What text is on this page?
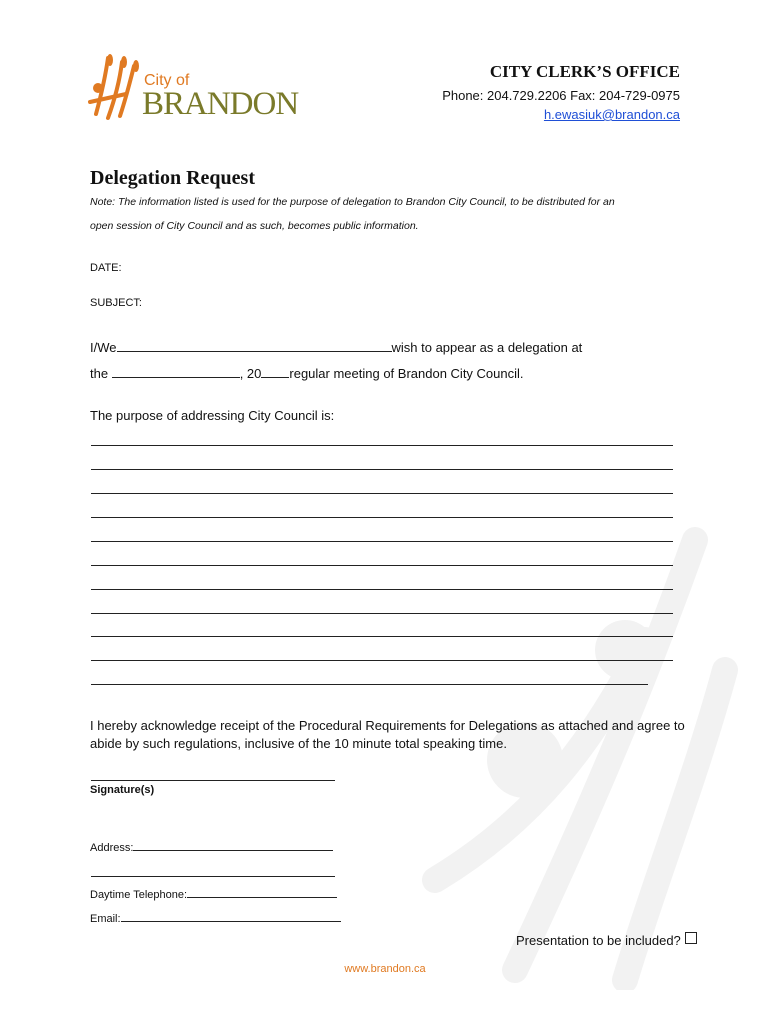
City of
BRANDON
CITY CLERK’S OFFICE
Phone: 204.729.2206 Fax: 204-729-0975
h.ewasiuk@brandon.ca
Delegation Request
Note: The information listed is used for the purpose of delegation to Brandon City Council, to be distributed for an
open session of City Council and as such, becomes public information.
DATE:
SUBJECT:
I/We	wish to appear as a delegation at
the	, 20 regular meeting of Brandon City Council.
The purpose of addressing City Council is:
I hereby acknowledge receipt of the Procedural Requirements for Delegations as attached and agree to
abide by such regulations, inclusive of the 10 minute total speaking time.
Signature(s)
Address:
Daytime Telephone:
Email:
Presentation to be included?
www.brandon.ca
